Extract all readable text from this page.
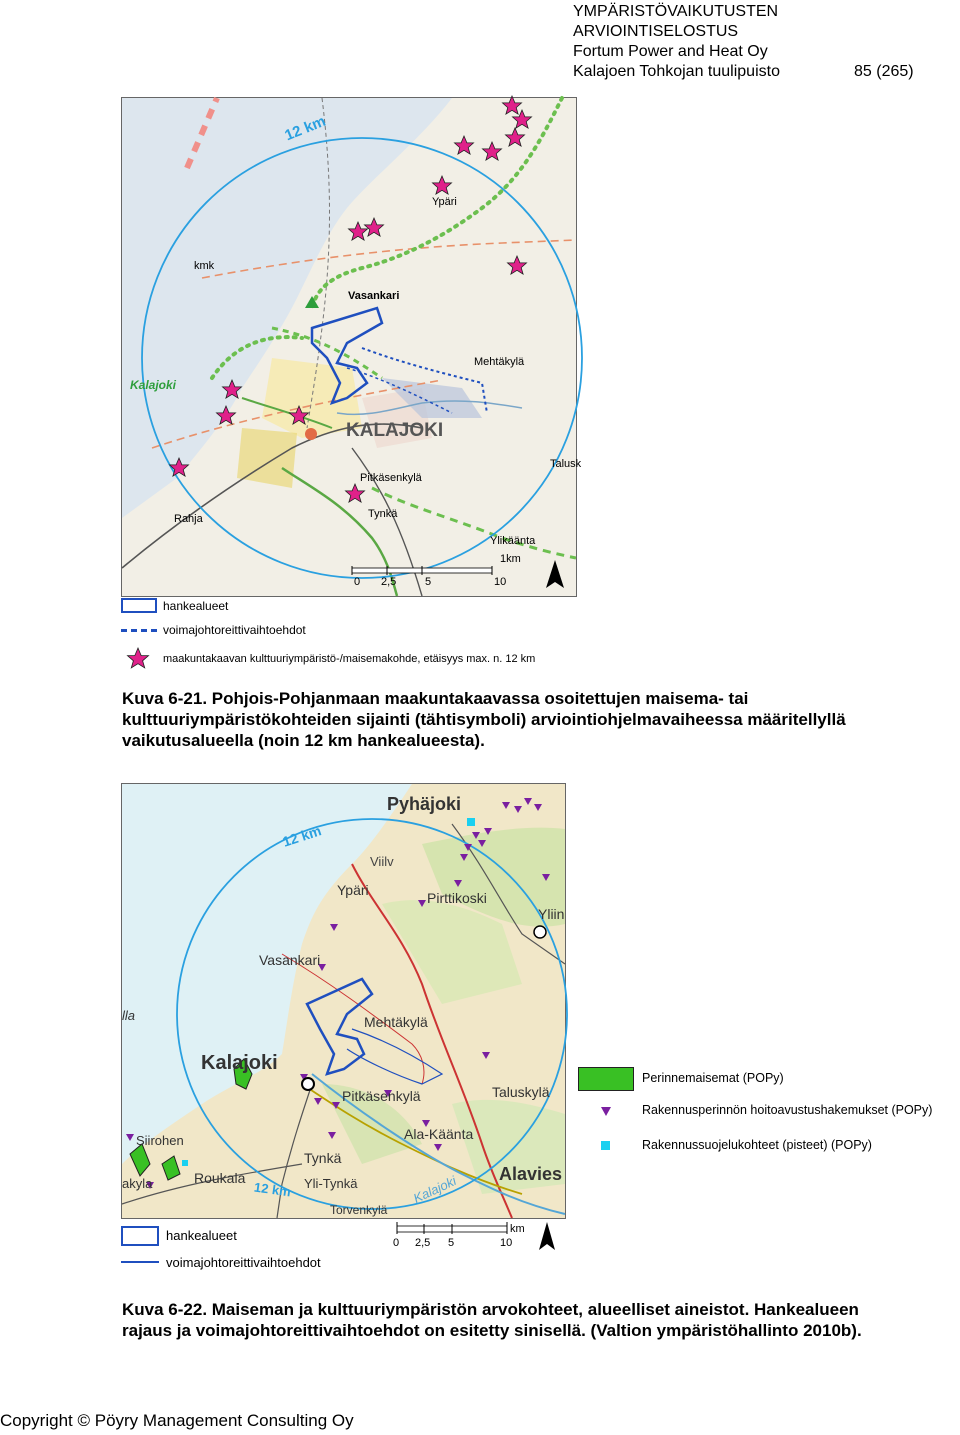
YMPÄRISTÖVAIKUTUSTEN
ARVIOINTISELOSTUS
Fortum Power and Heat Oy
Kalajoen Tohkojan tuulipuisto	85 (265)
12 km
KALAJOKI
Kalajoki
Vasankari
Mehtäkylä
Pitkäsenkylä
Ypäri
Tynkä
Ylikäänta
Talusk
Rahja
kmk
1km
0 2,5	5	10
hankealueet
voimajohtoreittivaihtoehdot
maakuntakaavan kulttuuriympäristö-/maisemakohde, etäisyys max. n. 12 km
Kuva 6-21. Pohjois-Pohjanmaan maakuntakaavassa osoitettujen maisema- tai kulttuuriympäristökohteiden sijainti (tähtisymboli) arviointiohjelmavaiheessa määritellyllä vaikutusalueella (noin 12 km hankealueesta).
Pyhäjoki
12 km
Viilv
Ypäri	Pirttikoski
Yliin
Vasankari
Mehtäkylä
Kalajoki
Pitkäsenkylä	Taluskylä
Ala-Käänta
Tynkä
Alavies
Roukala	Yli-Tynkä
Siirohen
Kalajoki
12 km
akyla
Torvenkylä
lla
Perinnemaisemat (POPy)
Rakennusperinnön hoitoavustushakemukset (POPy)
Rakennussuojelukohteet (pisteet) (POPy)
hankealueet
voimajohtoreittivaihtoehdot
km
0 2,5 5	10
Kuva 6-22. Maiseman ja kulttuuriympäristön arvokohteet, alueelliset aineistot. Hankealueen rajaus ja voimajohtoreittivaihtoehdot on esitetty sinisellä. (Valtion ympäristöhallinto 2010b).
Copyright © Pöyry Management Consulting Oy
